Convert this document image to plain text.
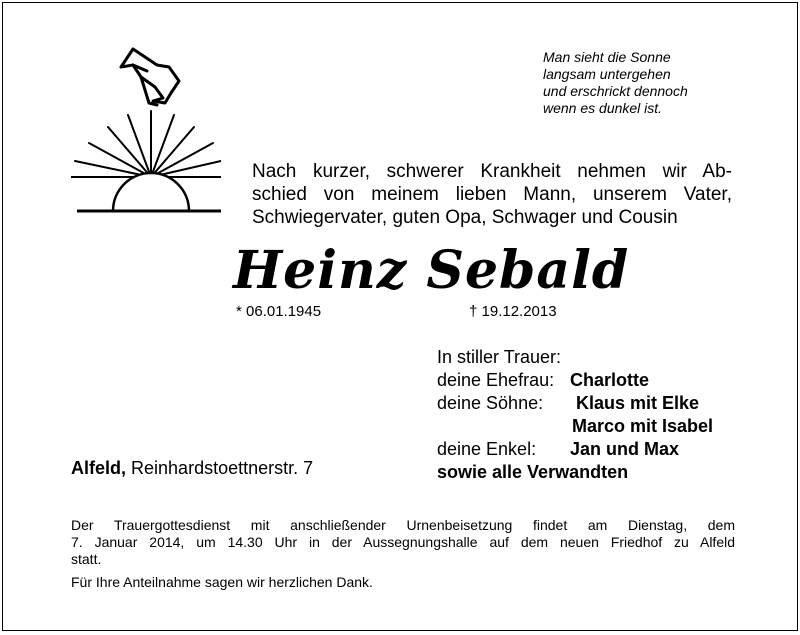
Man sieht die Sonne
langsam untergehen
und erschrickt dennoch
wenn es dunkel ist.
Nach kurzer, schwerer Krankheit nehmen wir Ab-
schied von meinem lieben Mann, unserem Vater,
Schwiegervater, guten Opa, Schwager und Cousin
Heinz Sebald
* 06.01.1945	† 19.12.2013
In stiller Trauer:
deine Ehefrau: Charlotte
deine Söhne: Klaus mit Elke
Marco mit Isabel
deine Enkel: Jan und Max
sowie alle Verwandten
Alfeld, Reinhardstoettnerstr. 7
Der Trauergottesdienst mit anschließender Urnenbeisetzung findet am Dienstag, dem
7. Januar 2014, um 14.30 Uhr in der Aussegnungshalle auf dem neuen Friedhof zu Alfeld
statt.
Für Ihre Anteilnahme sagen wir herzlichen Dank.
